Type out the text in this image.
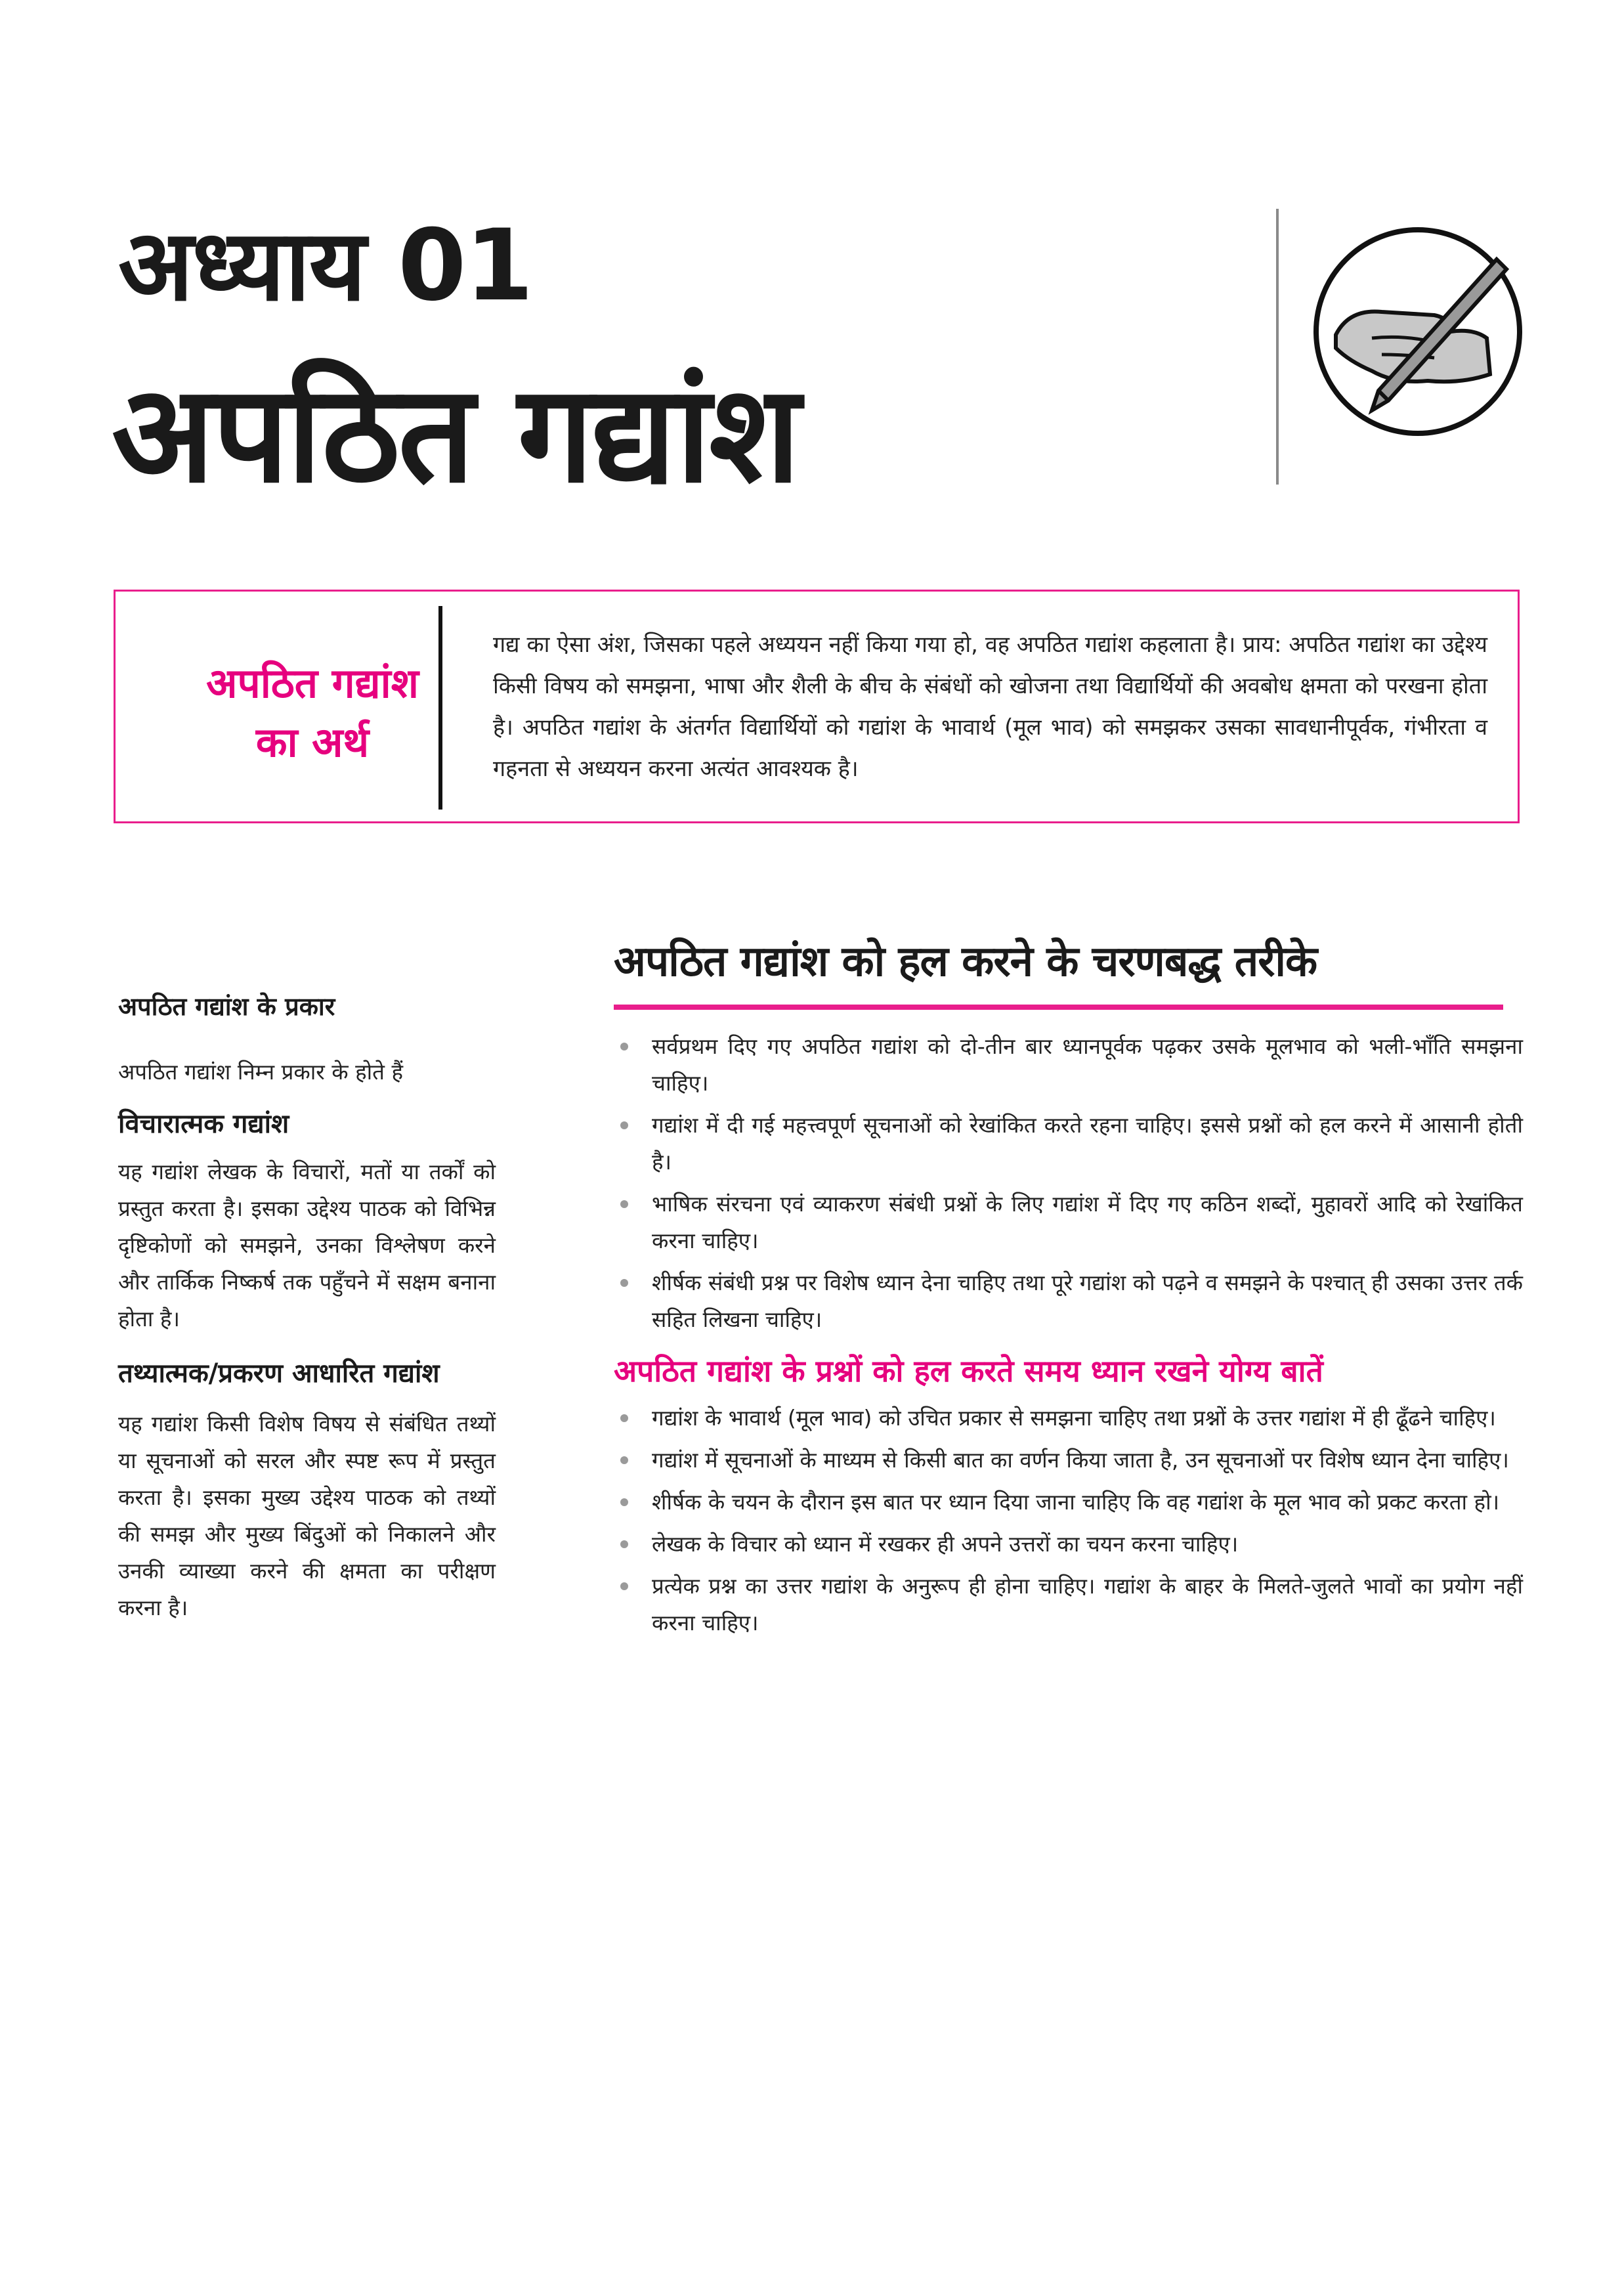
अध्याय 01
अपठित गद्यांश
अपठित गद्यांश
का अर्थ
गद्य का ऐसा अंश, जिसका पहले अध्ययन नहीं किया गया हो, वह अपठित गद्यांश कहलाता है। प्राय: अपठित गद्यांश का उद्देश्य किसी विषय को समझना, भाषा और शैली के बीच के संबंधों को खोजना तथा विद्यार्थियों की अवबोध क्षमता को परखना होता है। अपठित गद्यांश के अंतर्गत विद्यार्थियों को गद्यांश के भावार्थ (मूल भाव) को समझकर उसका सावधानीपूर्वक, गंभीरता व गहनता से अध्ययन करना अत्यंत आवश्यक है।
अपठित गद्यांश के प्रकार
अपठित गद्यांश निम्न प्रकार के होते हैं
विचारात्मक गद्यांश
यह गद्यांश लेखक के विचारों, मतों या तर्कों को प्रस्तुत करता है। इसका उद्देश्य पाठक को विभिन्न दृष्टिकोणों को समझने, उनका विश्लेषण करने और तार्किक निष्कर्ष तक पहुँचने में सक्षम बनाना होता है।
तथ्यात्मक/प्रकरण आधारित गद्यांश
यह गद्यांश किसी विशेष विषय से संबंधित तथ्यों या सूचनाओं को सरल और स्पष्ट रूप में प्रस्तुत करता है। इसका मुख्य उद्देश्य पाठक को तथ्यों की समझ और मुख्य बिंदुओं को निकालने और उनकी व्याख्या करने की क्षमता का परीक्षण करना है।
अपठित गद्यांश को हल करने के चरणबद्ध तरीके
सर्वप्रथम दिए गए अपठित गद्यांश को दो-तीन बार ध्यानपूर्वक पढ़कर उसके मूलभाव को भली-भाँति समझना चाहिए।
गद्यांश में दी गई महत्त्वपूर्ण सूचनाओं को रेखांकित करते रहना चाहिए। इससे प्रश्नों को हल करने में आसानी होती है।
भाषिक संरचना एवं व्याकरण संबंधी प्रश्नों के लिए गद्यांश में दिए गए कठिन शब्दों, मुहावरों आदि को रेखांकित करना चाहिए।
शीर्षक संबंधी प्रश्न पर विशेष ध्यान देना चाहिए तथा पूरे गद्यांश को पढ़ने व समझने के पश्चात् ही उसका उत्तर तर्क सहित लिखना चाहिए।
अपठित गद्यांश के प्रश्नों को हल करते समय ध्यान रखने योग्य बातें
गद्यांश के भावार्थ (मूल भाव) को उचित प्रकार से समझना चाहिए तथा प्रश्नों के उत्तर गद्यांश में ही ढूँढने चाहिए।
गद्यांश में सूचनाओं के माध्यम से किसी बात का वर्णन किया जाता है, उन सूचनाओं पर विशेष ध्यान देना चाहिए।
शीर्षक के चयन के दौरान इस बात पर ध्यान दिया जाना चाहिए कि वह गद्यांश के मूल भाव को प्रकट करता हो।
लेखक के विचार को ध्यान में रखकर ही अपने उत्तरों का चयन करना चाहिए।
प्रत्येक प्रश्न का उत्तर गद्यांश के अनुरूप ही होना चाहिए। गद्यांश के बाहर के मिलते-जुलते भावों का प्रयोग नहीं करना चाहिए।
